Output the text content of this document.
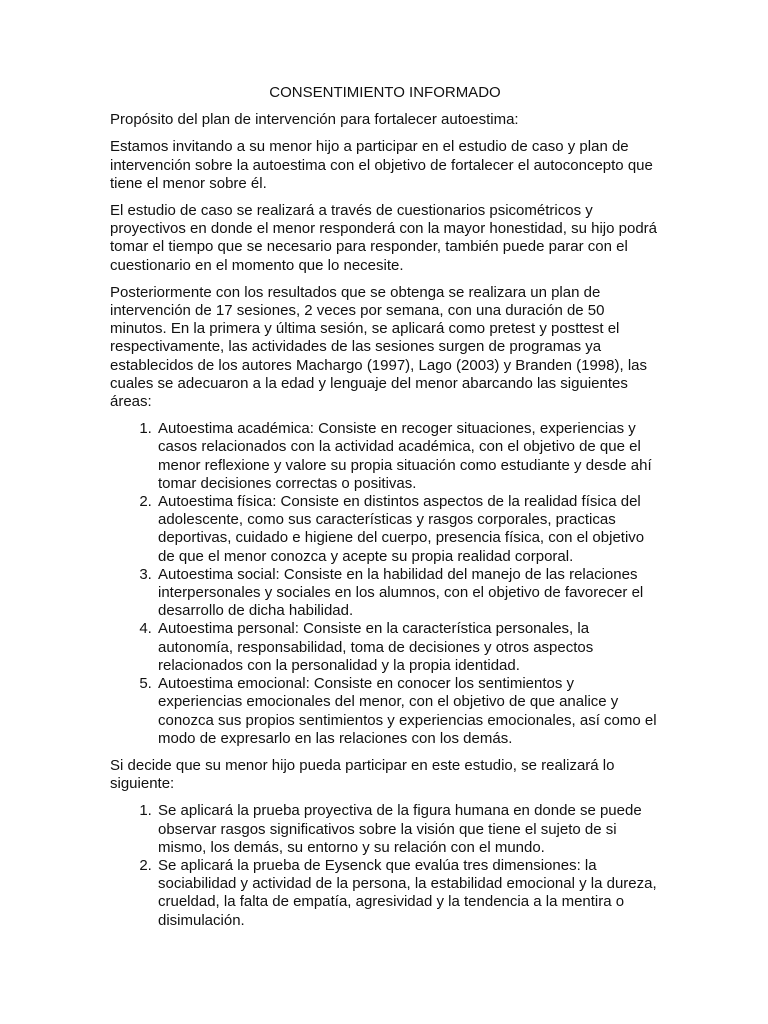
CONSENTIMIENTO INFORMADO

Propósito del plan de intervención para fortalecer autoestima:

Estamos invitando a su menor hijo a participar en el estudio de caso y plan de intervención sobre la autoestima con el objetivo de fortalecer el autoconcepto que tiene el menor sobre él.

El estudio de caso se realizará a través de cuestionarios psicométricos y proyectivos en donde el menor responderá con la mayor honestidad, su hijo podrá tomar el tiempo que se necesario para responder, también puede parar con el cuestionario en el momento que lo necesite.

Posteriormente con los resultados que se obtenga se realizara un plan de intervención de 17 sesiones, 2 veces por semana, con una duración de 50 minutos. En la primera y última sesión, se aplicará como pretest y posttest el respectivamente, las actividades de las sesiones surgen de programas ya establecidos de los autores Machargo (1997), Lago (2003) y Branden (1998), las cuales se adecuaron a la edad y lenguaje del menor abarcando las siguientes áreas:

1. Autoestima académica: Consiste en recoger situaciones, experiencias y casos relacionados con la actividad académica, con el objetivo de que el menor reflexione y valore su propia situación como estudiante y desde ahí tomar decisiones correctas o positivas.
2. Autoestima física: Consiste en distintos aspectos de la realidad física del adolescente, como sus características y rasgos corporales, practicas deportivas, cuidado e higiene del cuerpo, presencia física, con el objetivo de que el menor conozca y acepte su propia realidad corporal.
3. Autoestima social: Consiste en la habilidad del manejo de las relaciones interpersonales y sociales en los alumnos, con el objetivo de favorecer el desarrollo de dicha habilidad.
4. Autoestima personal: Consiste en la característica personales, la autonomía, responsabilidad, toma de decisiones y otros aspectos relacionados con la personalidad y la propia identidad.
5. Autoestima emocional: Consiste en conocer los sentimientos y experiencias emocionales del menor, con el objetivo de que analice y conozca sus propios sentimientos y experiencias emocionales, así como el modo de expresarlo en las relaciones con los demás.

Si decide que su menor hijo pueda participar en este estudio, se realizará lo siguiente:

1. Se aplicará la prueba proyectiva de la figura humana en donde se puede observar rasgos significativos sobre la visión que tiene el sujeto de si mismo, los demás, su entorno y su relación con el mundo.
2. Se aplicará la prueba de Eysenck que evalúa tres dimensiones: la sociabilidad y actividad de la persona, la estabilidad emocional y la dureza, crueldad, la falta de empatía, agresividad y la tendencia a la mentira o disimulación.
